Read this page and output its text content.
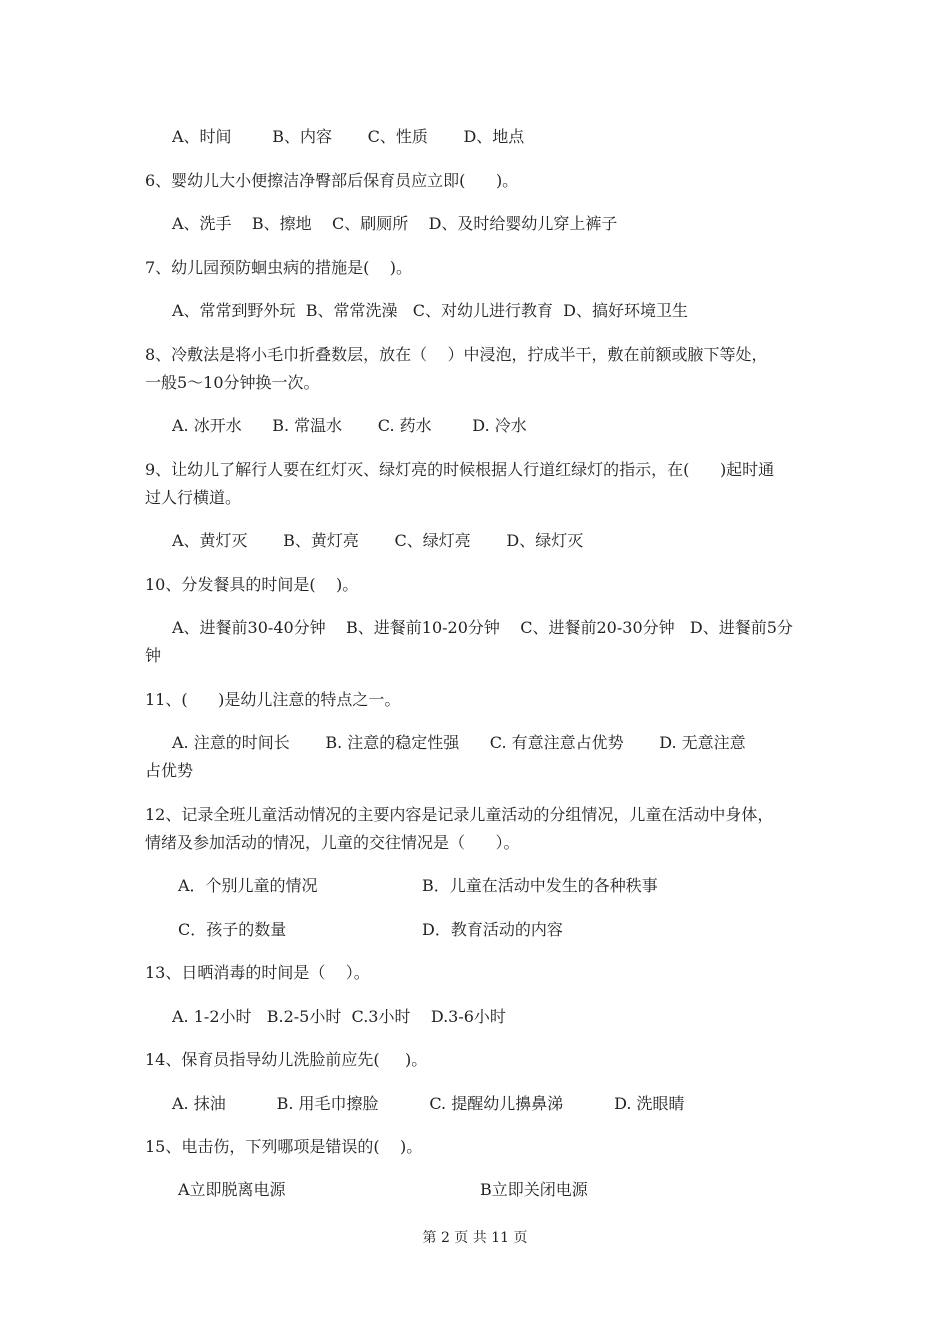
A、时间        B、内容       C、性质       D、地点
6、婴幼儿大小便擦洁净臀部后保育员应立即(      )。
A、洗手    B、擦地    C、刷厕所    D、及时给婴幼儿穿上裤子
7、幼儿园预防蛔虫病的措施是(    )。
A、常常到野外玩  B、常常洗澡   C、对幼儿进行教育  D、搞好环境卫生
8、冷敷法是将小毛巾折叠数层，放在（    ）中浸泡，拧成半干，敷在前额或腋下等处，
一般5～10分钟换一次。
A. 冰开水      B. 常温水       C. 药水        D. 冷水
9、让幼儿了解行人要在红灯灭、绿灯亮的时候根据人行道红绿灯的指示，在(      )起时通
过人行横道。
A、黄灯灭       B、黄灯亮       C、绿灯亮       D、绿灯灭
10、分发餐具的时间是(    )。
A、进餐前30-40分钟    B、进餐前10-20分钟    C、进餐前20-30分钟   D、进餐前5分
钟
11、(      )是幼儿注意的特点之一。
A. 注意的时间长       B. 注意的稳定性强      C. 有意注意占优势       D. 无意注意
占优势
12、记录全班儿童活动情况的主要内容是记录儿童活动的分组情况，儿童在活动中身体，
情绪及参加活动的情况，儿童的交往情况是（      ）。
A．个别儿童的情况	B．儿童在活动中发生的各种秩事
C．孩子的数量	D．教育活动的内容
13、日晒消毒的时间是（    ）。
A. 1-2小时   B.2-5小时  C.3小时    D.3-6小时
14、保育员指导幼儿洗脸前应先(     )。
A. 抹油          B. 用毛巾擦脸          C. 提醒幼儿擤鼻涕          D. 洗眼睛
15、电击伤，下列哪项是错误的(    )。
A立即脱离电源	B立即关闭电源
第 2 页 共 11 页
